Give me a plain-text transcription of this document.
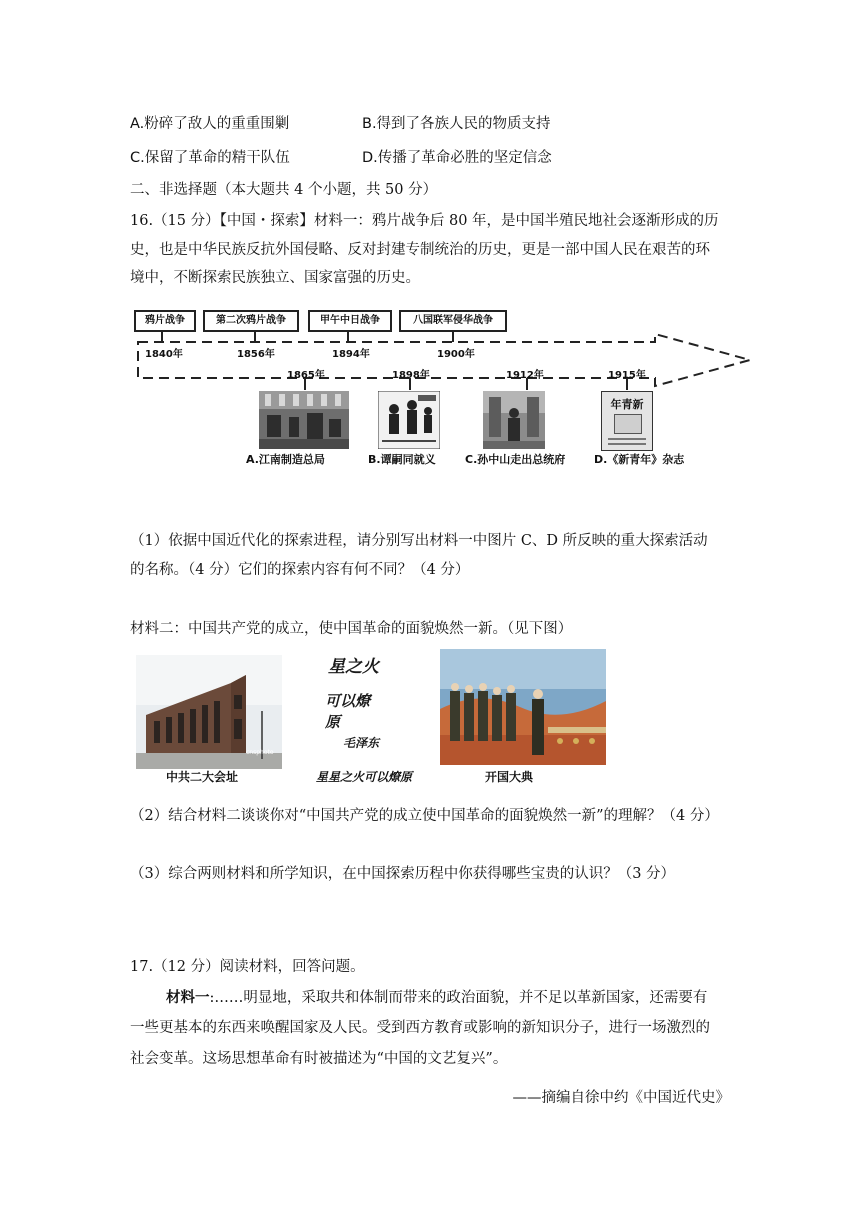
A.粉碎了敌人的重重围剿	B.得到了各族人民的物质支持
C.保留了革命的精干队伍	D.传播了革命必胜的坚定信念
二、非选择题（本大题共 4 个小题，共 50 分）
16.（15 分）【中国・探索】材料一：鸦片战争后 80 年，是中国半殖民地社会逐渐形成的历
史，也是中华民族反抗外国侵略、反对封建专制统治的历史，更是一部中国人民在艰苦的环
境中，不断探索民族独立、国家富强的历史。
鸦片战争	第二次鸦片战争	甲午中日战争	八国联军侵华战争
1840年	1856年	1894年	1900年
1865年	1898年	1912年	1915年
年青新
A.江南制造总局	B.谭嗣同就义	C.孙中山走出总统府	D.《新青年》杂志
（1）依据中国近代化的探索进程，请分别写出材料一中图片 C、D 所反映的重大探索活动
的名称。（4 分）它们的探索内容有何不同？（4 分）
材料二：中国共产党的成立，使中国革命的面貌焕然一新。（见下图）
cnsphoto
星之火
可以燎原
毛泽东
中共二大会址	星星之火可以燎原	开国大典
（2）结合材料二谈谈你对“中国共产党的成立使中国革命的面貌焕然一新”的理解？（4 分）
（3）综合两则材料和所学知识，在中国探索历程中你获得哪些宝贵的认识？（3 分）
17.（12 分）阅读材料，回答问题。
材料一:……明显地，采取共和体制而带来的政治面貌，并不足以革新国家，还需要有
一些更基本的东西来唤醒国家及人民。受到西方教育或影响的新知识分子，进行一场激烈的
社会变革。这场思想革命有时被描述为“中国的文艺复兴”。
——摘编自徐中约《中国近代史》
